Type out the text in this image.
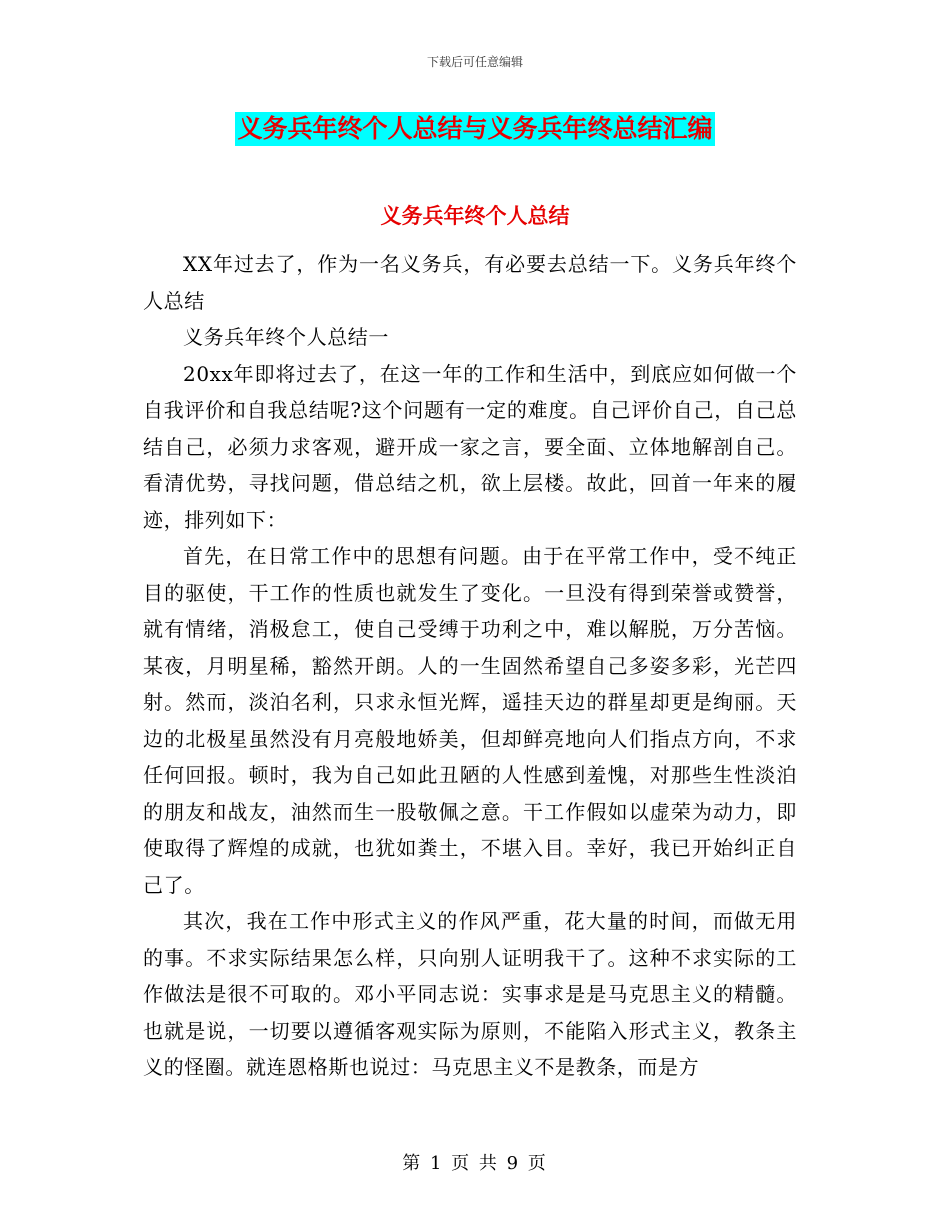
下载后可任意编辑
义务兵年终个人总结与义务兵年终总结汇编
义务兵年终个人总结

XX年过去了，作为一名义务兵，有必要去总结一下。义务兵年终个人总结

义务兵年终个人总结一

20xx年即将过去了，在这一年的工作和生活中，到底应如何做一个自我评价和自我总结呢?这个问题有一定的难度。自己评价自己，自己总结自己，必须力求客观，避开成一家之言，要全面、立体地解剖自己。看清优势，寻找问题，借总结之机，欲上层楼。故此，回首一年来的履迹，排列如下：

首先，在日常工作中的思想有问题。由于在平常工作中，受不纯正目的驱使，干工作的性质也就发生了变化。一旦没有得到荣誉或赞誉，就有情绪，消极怠工，使自己受缚于功利之中，难以解脱，万分苦恼。某夜，月明星稀，豁然开朗。人的一生固然希望自己多姿多彩，光芒四射。然而，淡泊名利，只求永恒光辉，遥挂天边的群星却更是绚丽。天边的北极星虽然没有月亮般地娇美，但却鲜亮地向人们指点方向，不求任何回报。顿时，我为自己如此丑陋的人性感到羞愧，对那些生性淡泊的朋友和战友，油然而生一股敬佩之意。干工作假如以虚荣为动力，即使取得了辉煌的成就，也犹如粪土，不堪入目。幸好，我已开始纠正自己了。

其次，我在工作中形式主义的作风严重，花大量的时间，而做无用的事。不求实际结果怎么样，只向别人证明我干了。这种不求实际的工作做法是很不可取的。邓小平同志说：实事求是是马克思主义的精髓。也就是说，一切要以遵循客观实际为原则，不能陷入形式主义，教条主义的怪圈。就连恩格斯也说过：马克思主义不是教条，而是方

第 1 页 共 9 页
